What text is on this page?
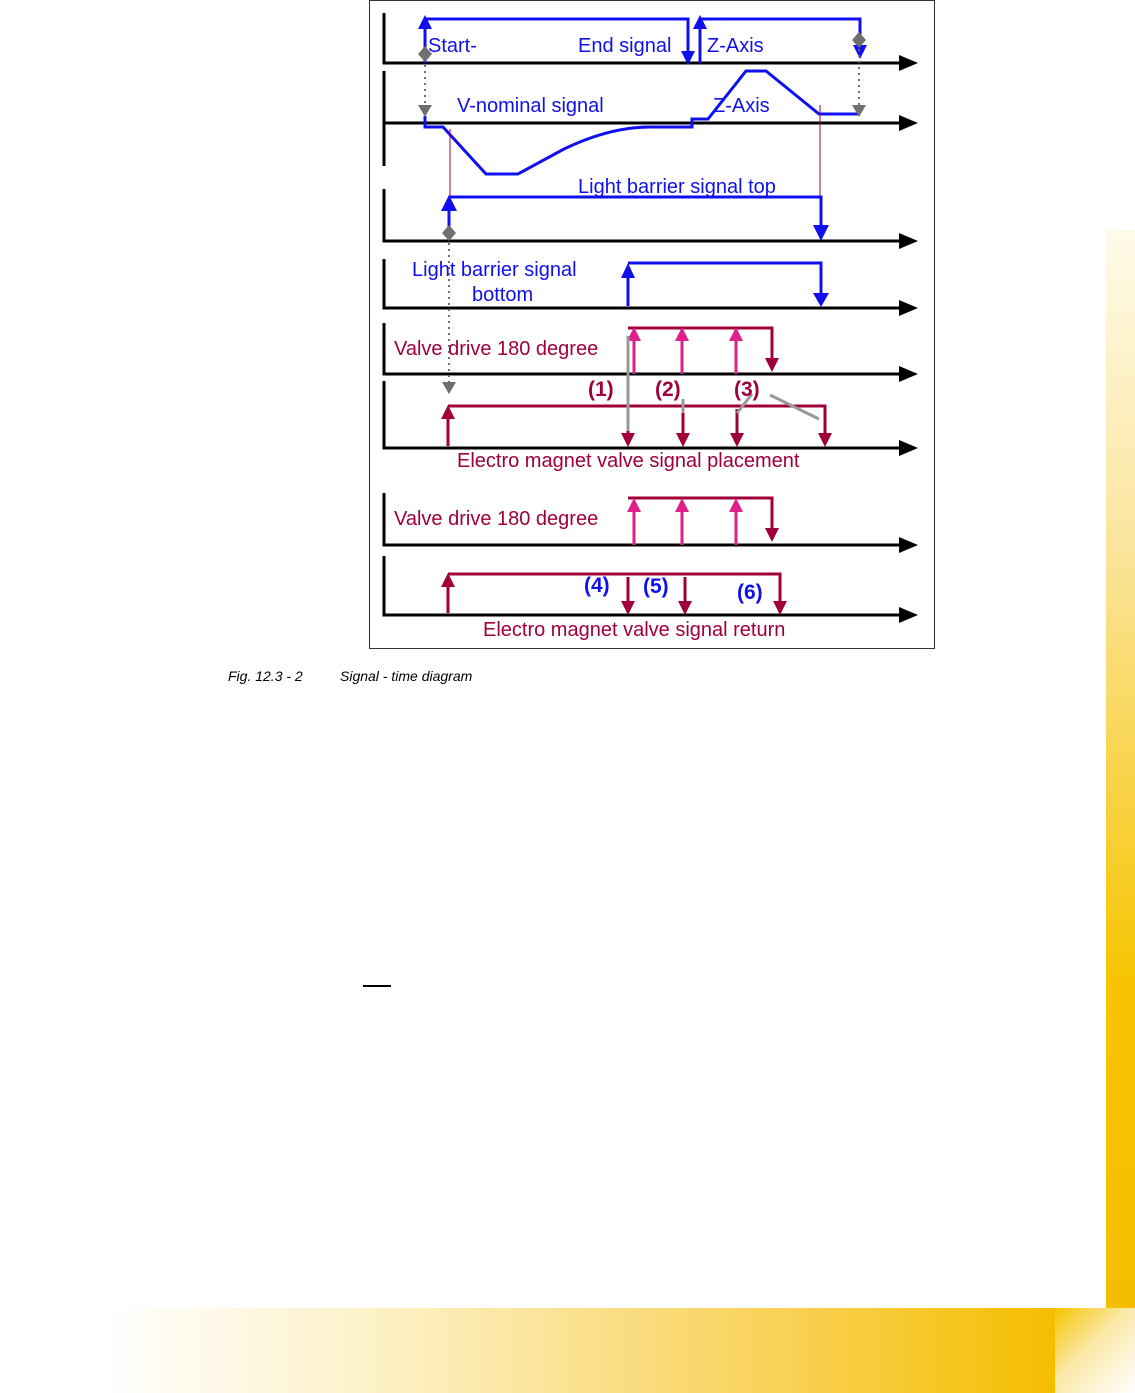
Start-	End signal Z-Axis
V-nominal signal	Z-Axis
Light barrier signal top
Light barrier signal
bottom
Valve drive 180 degree
Electro magnet valve signal placement
Valve drive 180 degree
Electro magnet valve signal return
(1) (2)	(3)
(4) (5)	(6)
Fig. 12.3 - 2	Signal - time diagram
